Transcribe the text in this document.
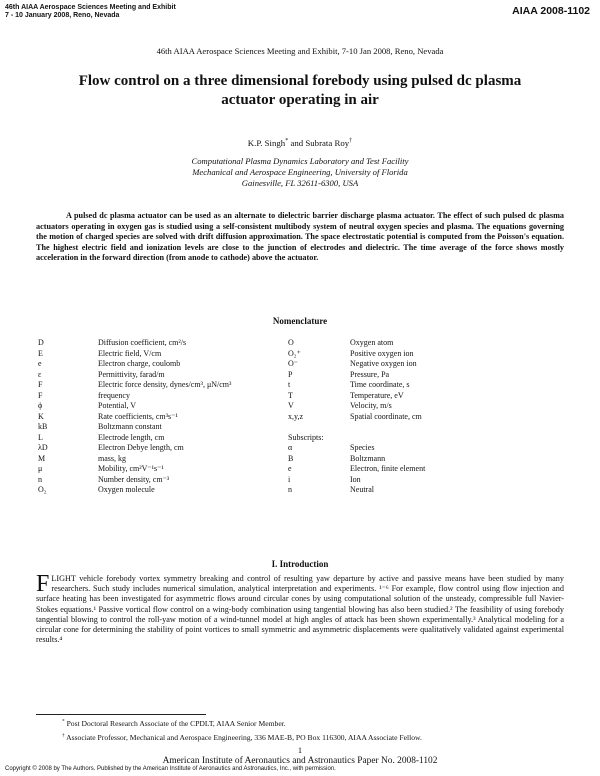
46th AIAA Aerospace Sciences Meeting and Exhibit
7 - 10 January 2008, Reno, Nevada	AIAA 2008-1102
46th AIAA Aerospace Sciences Meeting and Exhibit, 7-10 Jan 2008, Reno, Nevada
Flow control on a three dimensional forebody using pulsed dc plasma
actuator operating in air
K.P. Singh* and Subrata Roy†
Computational Plasma Dynamics Laboratory and Test Facility
Mechanical and Aerospace Engineering, University of Florida
Gainesville, FL 32611-6300, USA
A pulsed dc plasma actuator can be used as an alternate to dielectric barrier discharge plasma actuator. The effect of such pulsed dc plasma actuators operating in oxygen gas is studied using a self-consistent multibody system of neutral oxygen species and plasma. The equations governing the motion of charged species are solved with drift diffusion approximation. The space electrostatic potential is computed from the Poisson's equation. The highest electric field and ionization levels are close to the junction of electrodes and dielectric. The time average of the force shows mostly acceleration in the forward direction (from anode to cathode) above the actuator.
Nomenclature
D	Diffusion coefficient, cm²/s	O	Oxygen atom
E	Electric field, V/cm	O₂⁺	Positive oxygen ion
e	Electron charge, coulomb	O⁻	Negative oxygen ion
ε	Permittivity, farad/m	P	Pressure, Pa
F	Electric force density, dynes/cm³, μN/cm³	t	Time coordinate, s
F	frequency	T	Temperature, eV
ϕ	Potential, V	V	Velocity, m/s
K	Rate coefficients, cm³s⁻¹	x,y,z	Spatial coordinate, cm
kB	Boltzmann constant		
L	Electrode length, cm	Subscripts:	
λD	Electron Debye length, cm	α	Species
M	mass, kg	B	Boltzmann
μ	Mobility, cm²V⁻¹s⁻¹	e	Electron, finite element
n	Number density, cm⁻³	i	Ion
O₂	Oxygen molecule	n	Neutral
I. Introduction
FLIGHT vehicle forebody vortex symmetry breaking and control of resulting yaw departure by active and passive means have been studied by many researchers. Such study includes numerical simulation, analytical interpretation and experiments. ¹⁻⁶ For example, flow control using flow injection and surface heating has been investigated for asymmetric flows around circular cones by using computational solution of the unsteady, compressible full Navier-Stokes equations.¹ Passive vortical flow control on a wing-body combination using tangential blowing has also been studied.² The feasibility of using forebody tangential blowing to control the roll-yaw motion of a wind-tunnel model at high angles of attack has been shown experimentally.³ Analytical modeling for a circular cone for determining the stability of point vortices to small symmetric and asymmetric displacements were qualitatively validated against experimental results.⁴
* Post Doctoral Research Associate of the CPDLT, AIAA Senior Member.
† Associate Professor, Mechanical and Aerospace Engineering, 336 MAE-B, PO Box 116300, AIAA Associate Fellow.
1
American Institute of Aeronautics and Astronautics Paper No. 2008-1102
Copyright © 2008 by The Authors. Published by the American Institute of Aeronautics and Astronautics, Inc., with permission.
